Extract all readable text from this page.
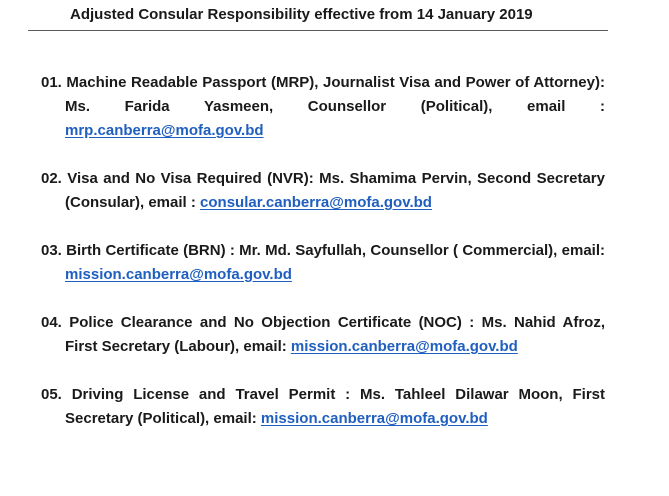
Adjusted Consular Responsibility effective from 14 January 2019
01. Machine Readable Passport (MRP), Journalist Visa and Power of Attorney): Ms. Farida Yasmeen, Counsellor (Political), email : mrp.canberra@mofa.gov.bd
02. Visa and No Visa Required (NVR): Ms. Shamima Pervin, Second Secretary (Consular), email : consular.canberra@mofa.gov.bd
03. Birth Certificate (BRN) : Mr. Md. Sayfullah, Counsellor ( Commercial), email: mission.canberra@mofa.gov.bd
04. Police Clearance and No Objection Certificate (NOC) : Ms. Nahid Afroz, First Secretary (Labour), email: mission.canberra@mofa.gov.bd
05. Driving License and Travel Permit : Ms. Tahleel Dilawar Moon, First Secretary (Political), email: mission.canberra@mofa.gov.bd
